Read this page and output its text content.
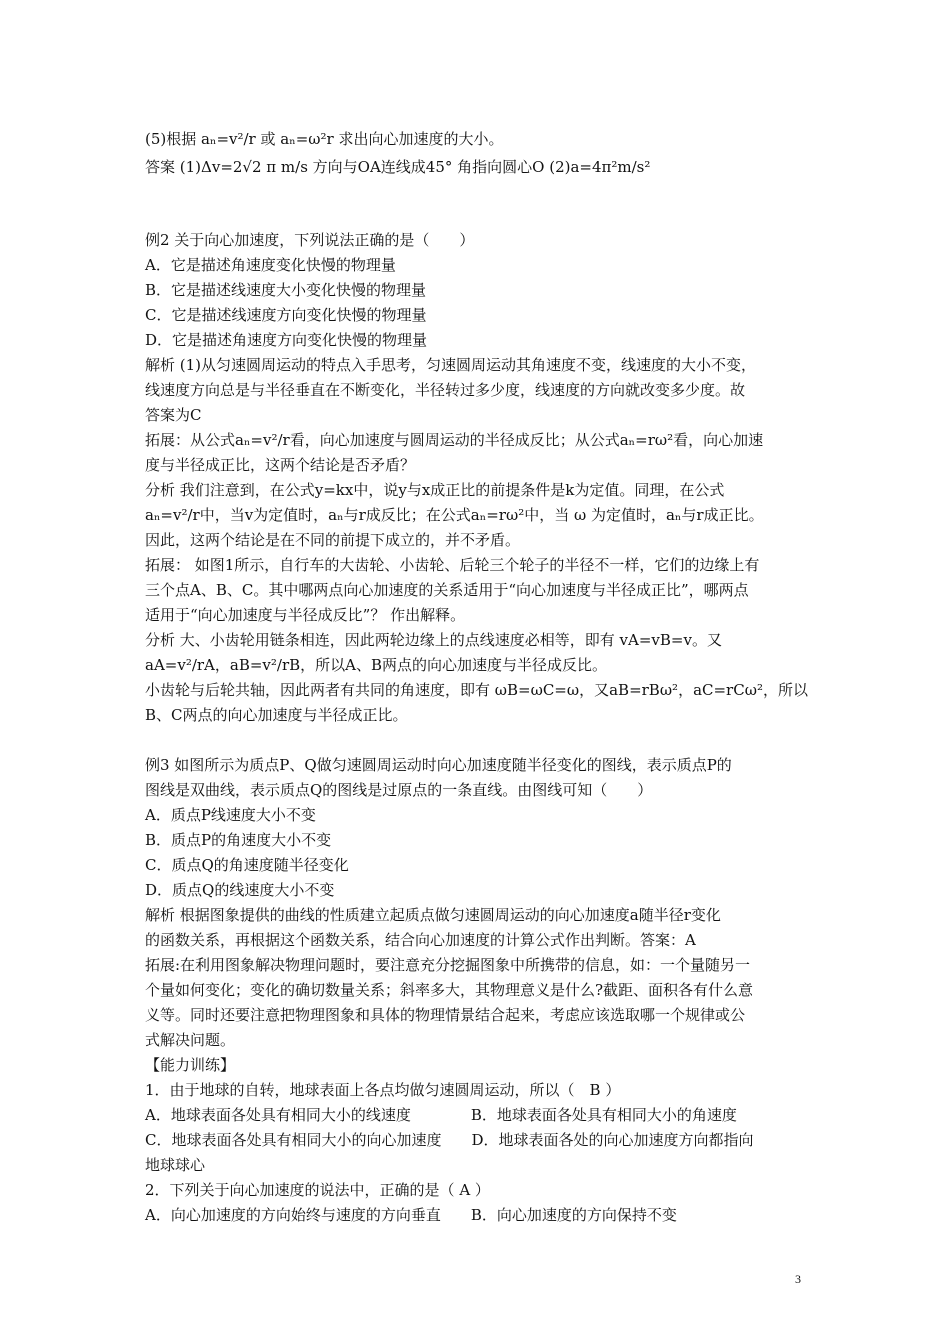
(5)根据 aₙ=v²/r 或 aₙ=ω²r 求出向心加速度的大小。
答案 (1)Δv=2√2 π m/s 方向与OA连线成45° 角指向圆心O (2)a=4π²m/s²
例2 关于向心加速度，下列说法正确的是（　　）
A．它是描述角速度变化快慢的物理量
B．它是描述线速度大小变化快慢的物理量
C．它是描述线速度方向变化快慢的物理量
D．它是描述角速度方向变化快慢的物理量
解析 (1)从匀速圆周运动的特点入手思考，匀速圆周运动其角速度不变，线速度的大小不变，
线速度方向总是与半径垂直在不断变化，半径转过多少度，线速度的方向就改变多少度。故
答案为C
拓展：从公式aₙ=v²/r看，向心加速度与圆周运动的半径成反比；从公式aₙ=rω²看，向心加速
度与半径成正比，这两个结论是否矛盾？
分析 我们注意到，在公式y=kx中，说y与x成正比的前提条件是k为定值。同理，在公式
aₙ=v²/r中，当v为定值时，aₙ与r成反比；在公式aₙ=rω²中，当 ω 为定值时，aₙ与r成正比。
因此，这两个结论是在不同的前提下成立的，并不矛盾。
拓展： 如图1所示，自行车的大齿轮、小齿轮、后轮三个轮子的半径不一样，它们的边缘上有
三个点A、B、C。其中哪两点向心加速度的关系适用于“向心加速度与半径成正比”，哪两点
适用于“向心加速度与半径成反比”？ 作出解释。
分析 大、小齿轮用链条相连，因此两轮边缘上的点线速度必相等，即有 vA=vB=v。又
aA=v²/rA，aB=v²/rB，所以A、B两点的向心加速度与半径成反比。
小齿轮与后轮共轴，因此两者有共同的角速度，即有 ωB=ωC=ω，又aB=rBω²，aC=rCω²，所以
B、C两点的向心加速度与半径成正比。
例3 如图所示为质点P、Q做匀速圆周运动时向心加速度随半径变化的图线，表示质点P的
图线是双曲线，表示质点Q的图线是过原点的一条直线。由图线可知（　　）
A．质点P线速度大小不变
B．质点P的角速度大小不变
C．质点Q的角速度随半径变化
D．质点Q的线速度大小不变
解析 根据图象提供的曲线的性质建立起质点做匀速圆周运动的向心加速度a随半径r变化
的函数关系，再根据这个函数关系，结合向心加速度的计算公式作出判断。答案：A
拓展:在利用图象解决物理问题时，要注意充分挖掘图象中所携带的信息，如：一个量随另一
个量如何变化；变化的确切数量关系；斜率多大，其物理意义是什么?截距、面积各有什么意
义等。同时还要注意把物理图象和具体的物理情景结合起来，考虑应该选取哪一个规律或公
式解决问题。
【能力训练】
1．由于地球的自转，地球表面上各点均做匀速圆周运动，所以（　B ）
A．地球表面各处具有相同大小的线速度　　　　B．地球表面各处具有相同大小的角速度
C．地球表面各处具有相同大小的向心加速度　　D．地球表面各处的向心加速度方向都指向
地球球心
2．下列关于向心加速度的说法中，正确的是（ A ）
A．向心加速度的方向始终与速度的方向垂直　　B．向心加速度的方向保持不变
3
